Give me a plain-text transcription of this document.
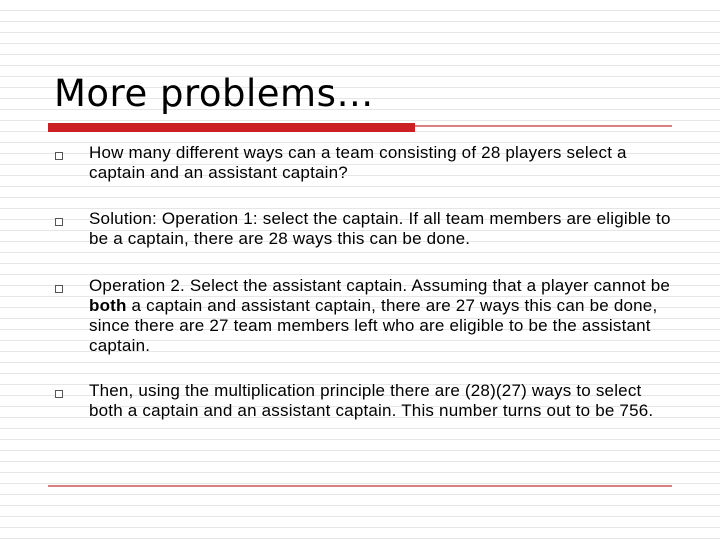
More problems…

How many different ways can a team consisting of 28 players select a captain and an assistant captain?

Solution: Operation 1: select the captain. If all team members are eligible to be a captain, there are 28 ways this can be done.

Operation 2. Select the assistant captain. Assuming that a player cannot be both a captain and assistant captain, there are 27 ways this can be done, since there are 27 team members left who are eligible to be the assistant captain.

Then, using the multiplication principle there are (28)(27) ways to select both a captain and an assistant captain. This number turns out to be 756.
